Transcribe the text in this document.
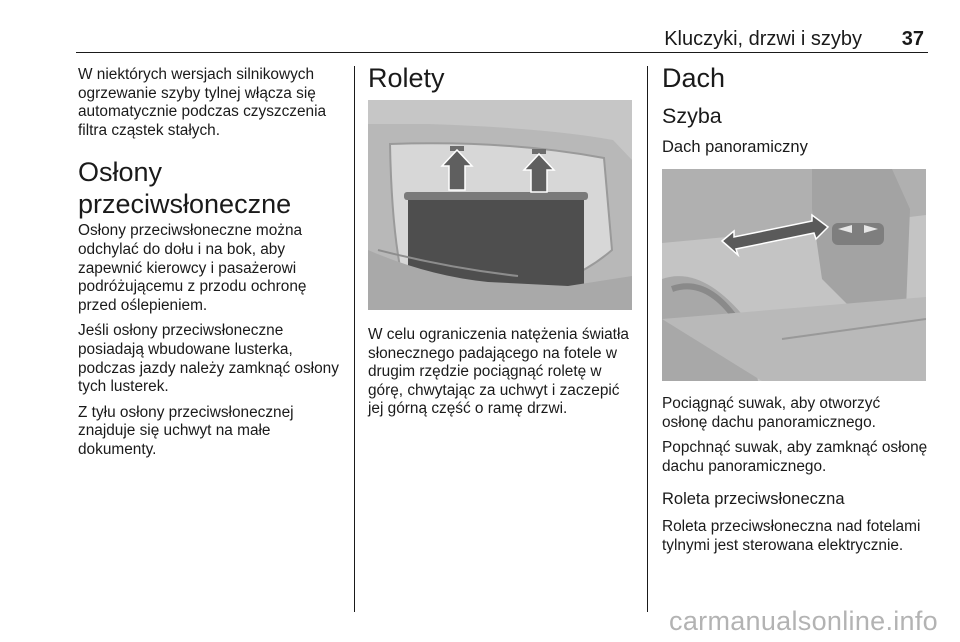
Kluczyki, drzwi i szyby 37

W niektórych wersjach silnikowych ogrzewanie szyby tylnej włącza się automatycznie podczas czyszczenia filtra cząstek stałych.

Osłony przeciwsłoneczne

Osłony przeciwsłoneczne można odchylać do dołu i na bok, aby zapewnić kierowcy i pasażerowi podróżującemu z przodu ochronę przed oślepieniem.

Jeśli osłony przeciwsłoneczne posiadają wbudowane lusterka, podczas jazdy należy zamknąć osłony tych lusterek.

Z tyłu osłony przeciwsłonecznej znajduje się uchwyt na małe dokumenty.

Rolety

W celu ograniczenia natężenia światła słonecznego padającego na fotele w drugim rzędzie pociągnąć roletę w górę, chwytając za uchwyt i zaczepić jej górną część o ramę drzwi.

Dach
Szyba
Dach panoramiczny

Pociągnąć suwak, aby otworzyć osłonę dachu panoramicznego.

Popchnąć suwak, aby zamknąć osłonę dachu panoramicznego.

Roleta przeciwsłoneczna

Roleta przeciwsłoneczna nad fotelami tylnymi jest sterowana elektrycznie.

carmanualsonline.info
